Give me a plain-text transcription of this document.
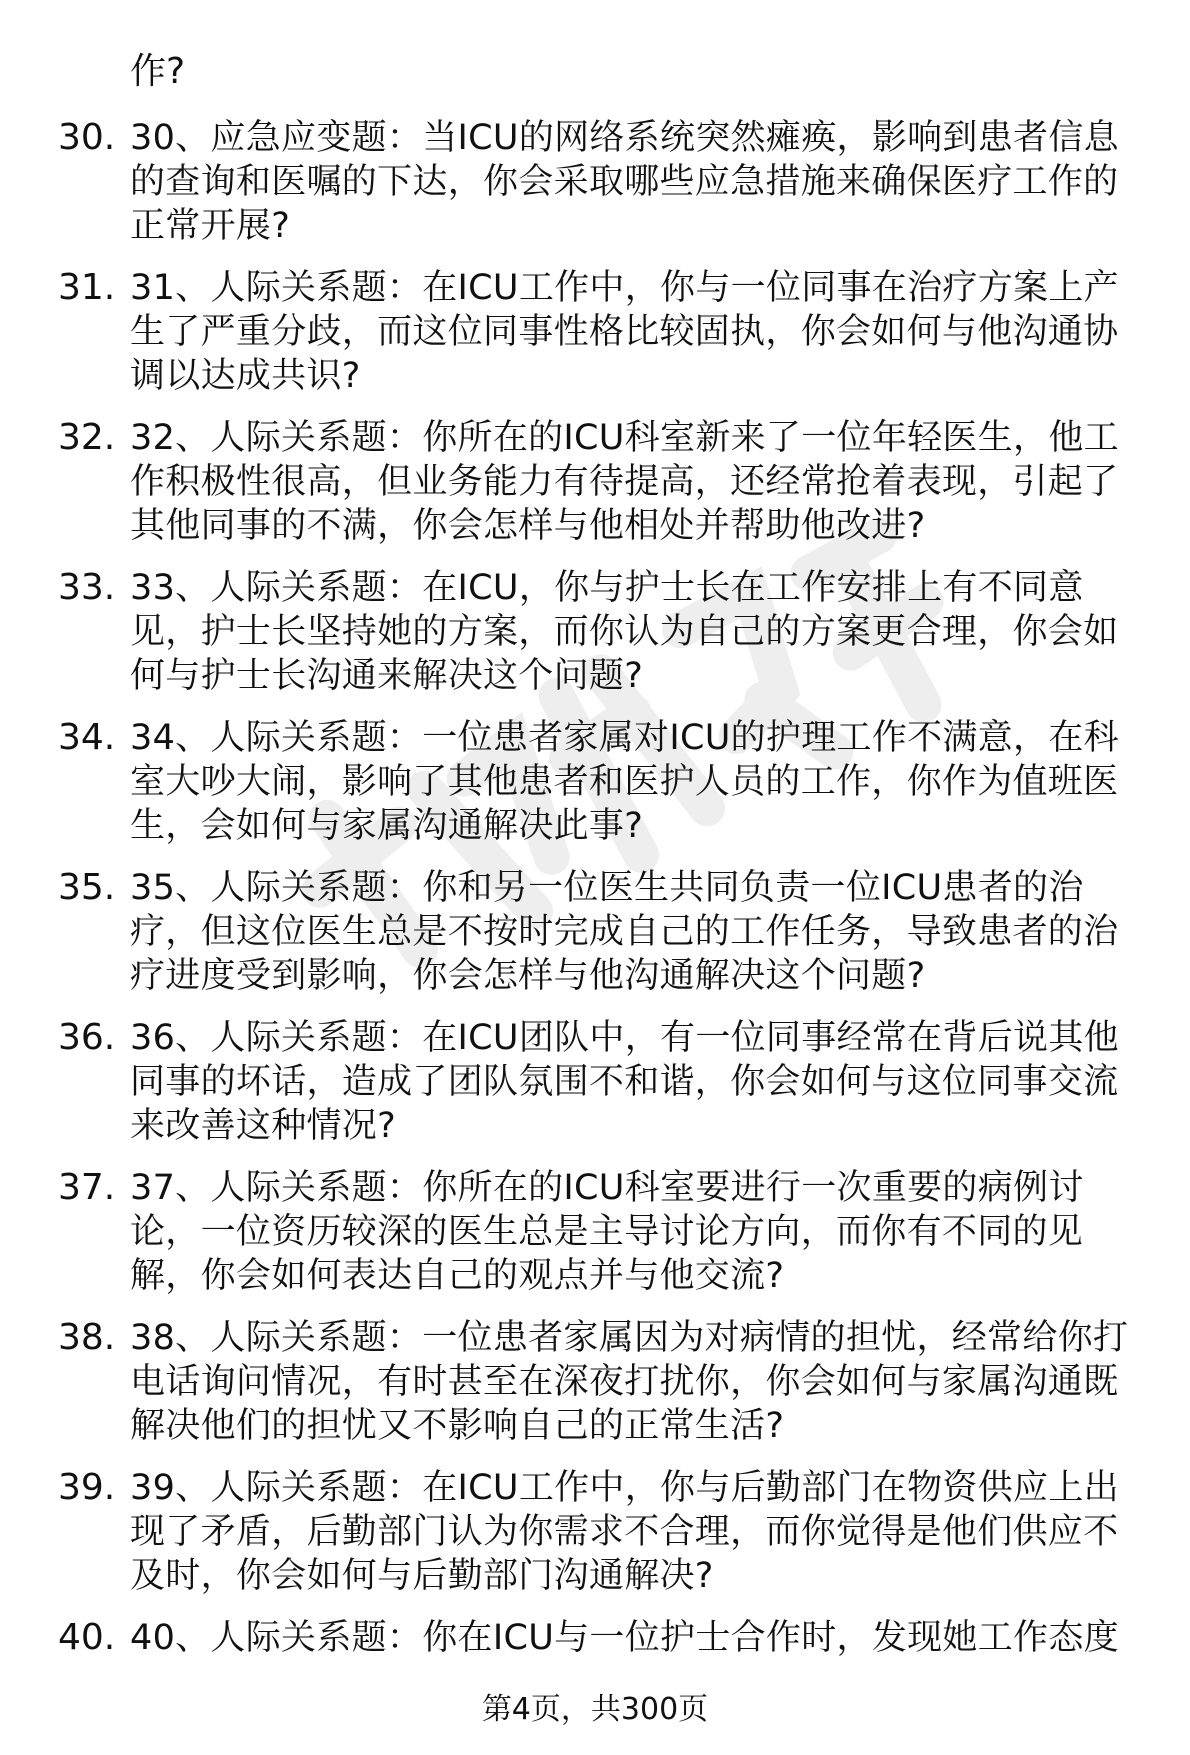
作?
30. 30、应急应变题：当ICU的网络系统突然瘫痪，影响到患者信息的查询和医嘱的下达，你会采取哪些应急措施来确保医疗工作的正常开展?
31. 31、人际关系题：在ICU工作中，你与一位同事在治疗方案上产生了严重分歧，而这位同事性格比较固执，你会如何与他沟通协调以达成共识?
32. 32、人际关系题：你所在的ICU科室新来了一位年轻医生，他工作积极性很高，但业务能力有待提高，还经常抢着表现，引起了其他同事的不满，你会怎样与他相处并帮助他改进?
33. 33、人际关系题：在ICU，你与护士长在工作安排上有不同意见，护士长坚持她的方案，而你认为自己的方案更合理，你会如何与护士长沟通来解决这个问题?
34. 34、人际关系题：一位患者家属对ICU的护理工作不满意，在科室大吵大闹，影响了其他患者和医护人员的工作，你作为值班医生，会如何与家属沟通解决此事?
35. 35、人际关系题：你和另一位医生共同负责一位ICU患者的治疗，但这位医生总是不按时完成自己的工作任务，导致患者的治疗进度受到影响，你会怎样与他沟通解决这个问题?
36. 36、人际关系题：在ICU团队中，有一位同事经常在背后说其他同事的坏话，造成了团队氛围不和谐，你会如何与这位同事交流来改善这种情况?
37. 37、人际关系题：你所在的ICU科室要进行一次重要的病例讨论，一位资历较深的医生总是主导讨论方向，而你有不同的见解，你会如何表达自己的观点并与他交流?
38. 38、人际关系题：一位患者家属因为对病情的担忧，经常给你打电话询问情况，有时甚至在深夜打扰你，你会如何与家属沟通既解决他们的担忧又不影响自己的正常生活?
39. 39、人际关系题：在ICU工作中，你与后勤部门在物资供应上出现了矛盾，后勤部门认为你需求不合理，而你觉得是他们供应不及时，你会如何与后勤部门沟通解决?
40. 40、人际关系题：你在ICU与一位护士合作时，发现她工作态度
第4页，共300页
